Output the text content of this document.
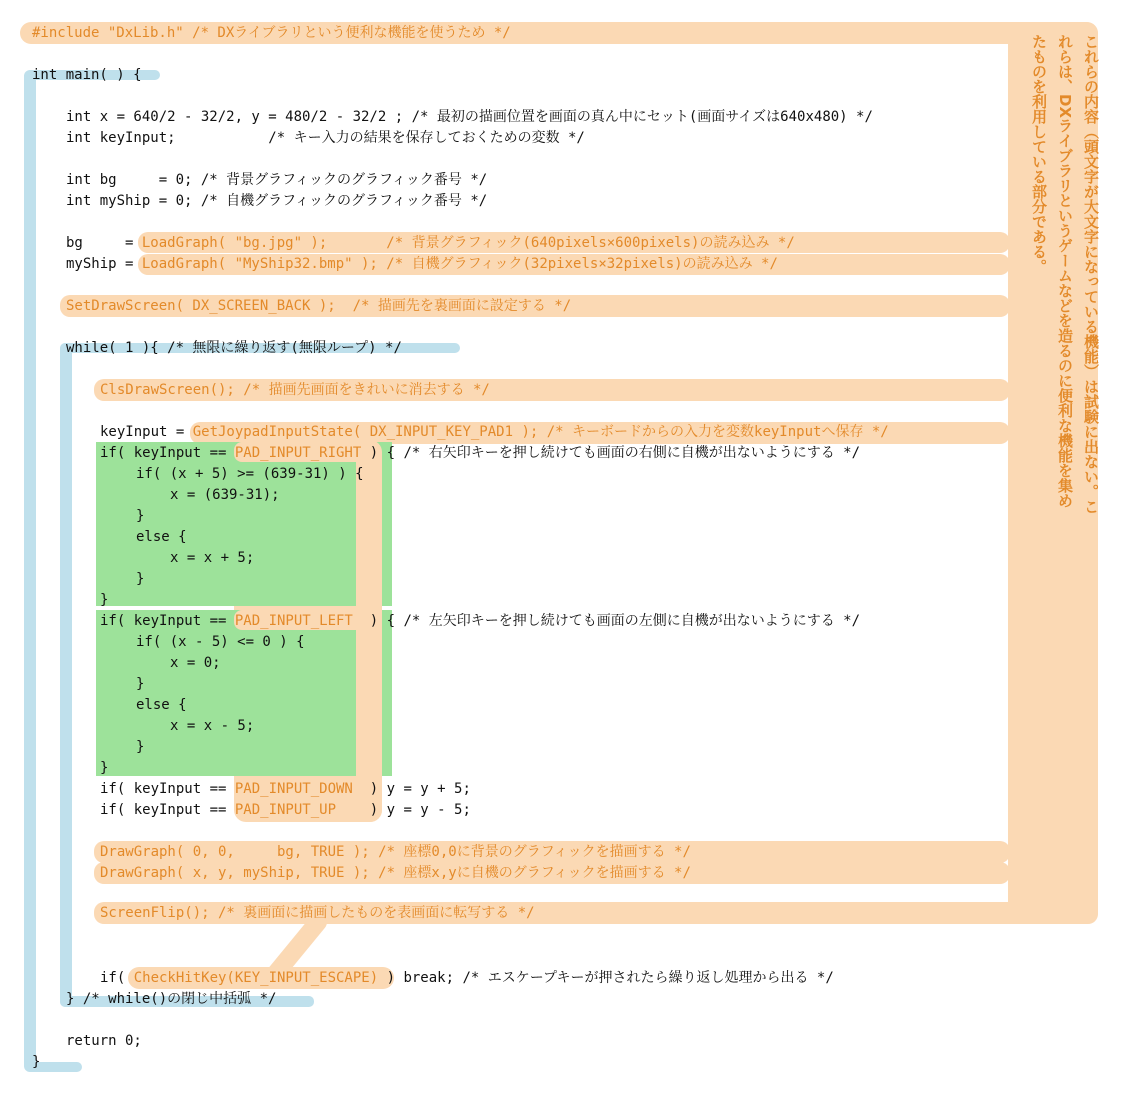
#include "DxLib.h" /* DXライブラリという便利な機能を使うため */
int main( ) {
int x = 640/2 - 32/2, y = 480/2 - 32/2 ; /* 最初の描画位置を画面の真ん中にセット(画面サイズは640x480) */
int keyInput;           /* キー入力の結果を保存しておくための変数 */
int bg     = 0; /* 背景グラフィックのグラフィック番号 */
int myShip = 0; /* 自機グラフィックのグラフィック番号 */
bg     = LoadGraph( "bg.jpg" );       /* 背景グラフィック(640pixels×600pixels)の読み込み */
myShip = LoadGraph( "MyShip32.bmp" ); /* 自機グラフィック(32pixels×32pixels)の読み込み */
SetDrawScreen( DX_SCREEN_BACK );  /* 描画先を裏画面に設定する */
while( 1 ){ /* 無限に繰り返す(無限ループ) */
ClsDrawScreen(); /* 描画先画面をきれいに消去する */
keyInput = GetJoypadInputState( DX_INPUT_KEY_PAD1 ); /* キーボードからの入力を変数keyInputへ保存 */
if( keyInput == PAD_INPUT_RIGHT ) { /* 右矢印キーを押し続けても画面の右側に自機が出ないようにする */
if( (x + 5) >= (639-31) ) {
x = (639-31);
}
else {
x = x + 5;
}
}
if( keyInput == PAD_INPUT_LEFT  ) { /* 左矢印キーを押し続けても画面の左側に自機が出ないようにする */
if( (x - 5) <= 0 ) {
x = 0;
}
else {
x = x - 5;
}
}
if( keyInput == PAD_INPUT_DOWN  ) y = y + 5;
if( keyInput == PAD_INPUT_UP    ) y = y - 5;
DrawGraph( 0, 0,     bg, TRUE ); /* 座標0,0に背景のグラフィックを描画する */
DrawGraph( x, y, myShip, TRUE ); /* 座標x,yに自機のグラフィックを描画する */
ScreenFlip(); /* 裏画面に描画したものを表画面に転写する */
if( CheckHitKey(KEY_INPUT_ESCAPE) ) break; /* エスケープキーが押されたら繰り返し処理から出る */
} /* while()の閉じ中括弧 */
return 0;
}
これらの内容（頭文字が大文字になっている機能）は試験に出ない。これらは、DXライブラリというゲームなどを造るのに便利な機能を集めたものを利用している部分である。
